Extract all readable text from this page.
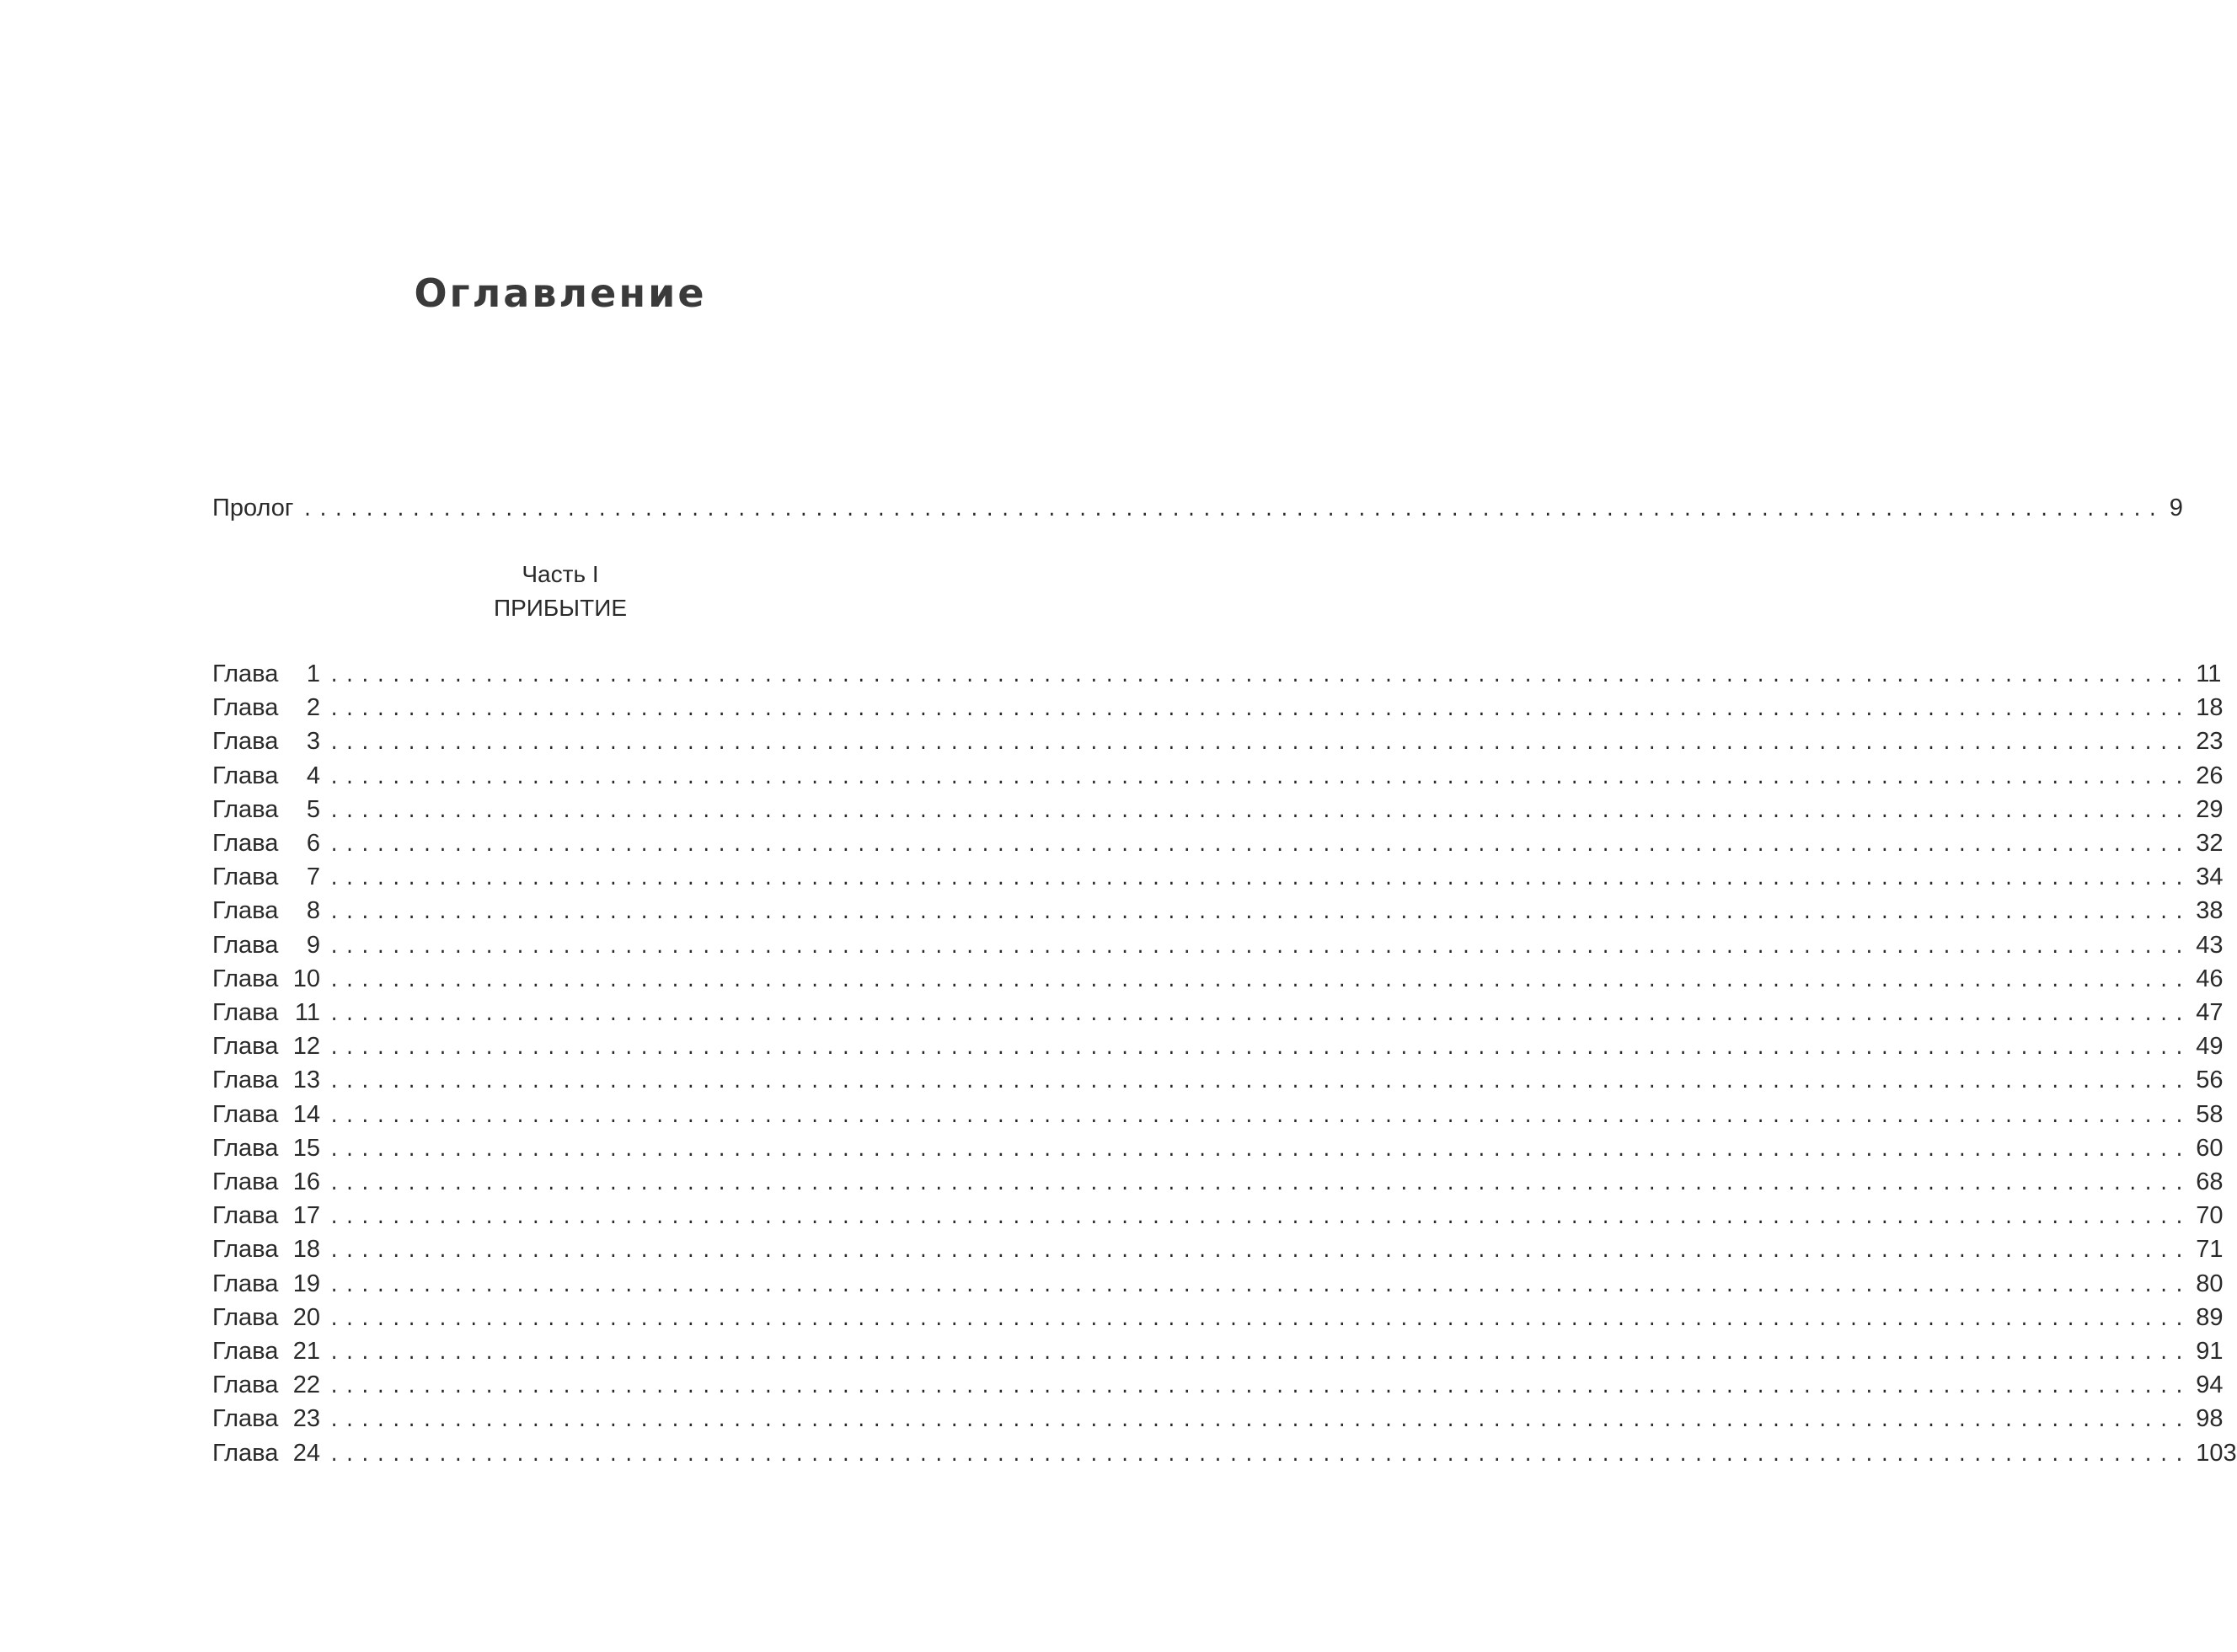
Оглавление
Пролог ........................................................................................................................ 9
Часть I
ПРИБЫТИЕ
Глава 1 ........................................................................................................................ 11
Глава 2 ........................................................................................................................ 18
Глава 3 ........................................................................................................................ 23
Глава 4 ........................................................................................................................ 26
Глава 5 ........................................................................................................................ 29
Глава 6 ........................................................................................................................ 32
Глава 7 ........................................................................................................................ 34
Глава 8 ........................................................................................................................ 38
Глава 9 ........................................................................................................................ 43
Глава 10 ........................................................................................................................ 46
Глава 11 ........................................................................................................................ 47
Глава 12 ........................................................................................................................ 49
Глава 13 ........................................................................................................................ 56
Глава 14 ........................................................................................................................ 58
Глава 15 ........................................................................................................................ 60
Глава 16 ........................................................................................................................ 68
Глава 17 ........................................................................................................................ 70
Глава 18 ........................................................................................................................ 71
Глава 19 ........................................................................................................................ 80
Глава 20 ........................................................................................................................ 89
Глава 21 ........................................................................................................................ 91
Глава 22 ........................................................................................................................ 94
Глава 23 ........................................................................................................................ 98
Глава 24 ........................................................................................................................ 103
